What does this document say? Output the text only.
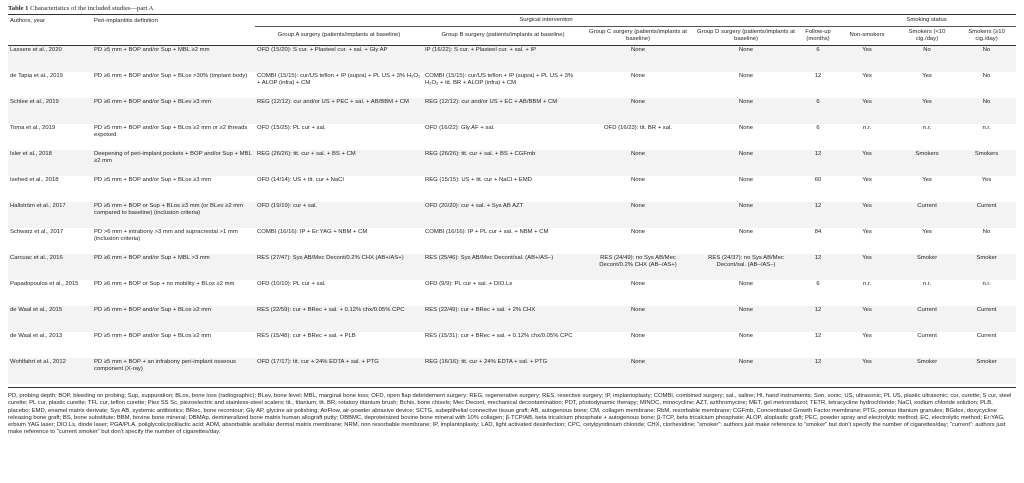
Table 1 Characteristics of the included studies—part A
Authors, year	Peri-implantitis definition	Surgical intervention					Smoking status		
		Group A surgery (patients/implants at baseline)	Group B surgery (patients/implants at baseline)	Group C surgery (patients/implants at baseline)	Group D surgery (patients/implants at baseline)	Follow-up (months)	Non-smokers	Smokers (<10 cig./day)	Smokers (≥10 cig./day)
Lassere et al., 2020	PD ≥5 mm + BOP and/or Sup + MBL ≥2 mm	OFD (15/20): S cur. + Plasteel cur. + sal. + Gly AP	IP (16/22): S cur. + Plasteel cur. + sal. + IP	None	None	6	Yes	No	No
de Tapia et al., 2019	PD ≥6 mm + BOP and/or Sup + BLos >30% (implant body)	COMBI (15/15): cur/US teflon + IP (supra) + PL US + 3% H₂O₂ + ALOP (infra) + CM	COMBI (15/15): cur/US teflon + IP (supra) + PL US + 3% H₂O₂ + tit. BR + ALOP (infra) + CM	None	None	12	Yes	Yes	No
Schlee et al., 2019	PD ≥6 mm + BOP and/or Sup + BLev ≥3 mm	REG (12/12): cur and/or US + PEC + sal. + AB/BBM + CM	REG (12/12): cur and/or US + EC + AB/BBM + CM	None	None	6	Yes	Yes	No
Toma et al., 2019	PD ≥5 mm + BOP and/or Sup + BLos ≥2 mm or ≥2 threads exposed	OFD (15/25): PL cur + sal.	OFD (16/22): Gly AF + sal.	OFD (16/23): tit. BR + sal.	None	6	n.r.	n.r.	n.r.
Isler et al., 2018	Deepening of peri-implant pockets + BOP and/or Sup + MBL ≥2 mm	REG (26/26): tit. cur + sal. + BS + CM	REG (26/26): tit. cur + sal. + BS + CGFmb	None	None	12	Yes	Smokers	Smokers
Isehed et al., 2018	PD ≥5 mm + BOP and/or Sup + BLos ≥3 mm	OFD (14/14): US + tit. cur + NaCl	REG (15/15): US + tit. cur + NaCl + EMD	None	None	60	Yes	Yes	Yes
Hallström et al., 2017	PD ≥5 mm + BOP or Sup + BLos ≥3 mm (or BLev ≥2 mm compared to baseline) (inclusion criteria)	OFD (19/19): cur + sal.	OFD (20/20): cur + sal. + Sys AB AZT	None	None	12	Yes	Current	Current
Schwarz et al., 2017	PD >6 mm + intrabony >3 mm and supracrestal >1 mm (inclusion criteria)	COMBI (16/16): IP + Er:YAG + NBM + CM	COMBI (16/16): IP + PL cur + sal. + NBM + CM	None	None	84	Yes	Yes	No
Carcuac et al., 2016	PD ≥6 mm + BOP and/or Sup + MBL >3 mm	RES (27/47): Sys AB/Mec Decont/0.2% CHX (AB+/AS+)	RES (25/46): Sys AB/Mec Decont/sal. (AB+/AS–)	RES (24/49): no Sys AB/Mec Decont/0.2% CHX (AB–/AS+)	RES (24/37): no Sys AB/Mec Decont/sal. (AB–/AS–)	12	Yes	Smoker	Smoker
Papadopoulos et al., 2015	PD ≥6 mm + BOP or Sup + no mobility + BLos ≥2 mm	OFD (10/10): PL cur + sal.	OFD (9/9): PL cur + sal. + DIO.Ls	None	None	6	n.r.	n.r.	n.r.
de Waal et al., 2015	PD ≥5 mm + BOP and/or Sup + BLos ≥2 mm	RES (22/59): cur + BRec + sal. + 0.12% chx/0.05% CPC	RES (22/49): cur + BRec + sal. + 2% CHX	None	None	12	Yes	Current	Current
de Waal et al., 2013	PD ≥5 mm + BOP and/or Sup + BLos ≥2 mm	RES (15/48): cur + BRec + sal. + PLB	RES (15/31): cur + BRec + sal. + 0.12% chx/0.05% CPC	None	None	12	Yes	Current	Current
Wohlfahrt et al., 2012	PD ≥5 mm + BOP + an infrabony peri-implant osseous component (X-ray)	OFD (17/17): tit. cur + 24% EDTA + sal. + PTG	REG (16/16): tit. cur + 24% EDTA + sal. + PTG	None	None	12	Yes	Smoker	Smoker
PD, probing depth; BOP, bleeding on probing; Sup, suppuration; BLos, bone loss (radiographic); BLev, bone level; MBL, marginal bone loss; OFD, open flap debridement surgery; REG, regenerative surgery; RES, resective surgery; IP, implantoplasty; COMBI, combined surgery; sal., saline; HI, hand instruments; Son, sonic; US, ultrasonic; PL US, plastic ultrasonic; cur, curette; S cur, steel curette; PL cur, plastic curette; TFL cur, teflon curette; Piez SS Sc, piezoelectric and stainless-steel scalers; tit., titanium; tit. BR, rotatory titanium brush; Bchis, bone chisels; Mec Decont, mechanical decontamination; PDT, photodynamic therapy; MINOC, minocycline; AZT, azithromycine; MET, gel metronidazol; TETR, tetracycline hydrochloride; NaCl, sodium chloride solution; PLB, placebo; EMD, enamel matrix derivate; Sys AB, systemic antibiotics; BRec, bone recontour; Gly AP, glycine air polishing; AirFlow, air-powder abrasive device; SCTG, subepithelial connective tissue graft; AB, autogenous bone; CM, collagen membrane; RbM, resorbable membrane; CGFmb, Concentrated Growth Factor membrane; PTG, porous titanium granules; BGdox, doxycycline releasing bone graft; BS, bone substitute; BBM, bovine bone mineral; DBMAp, demineralized bone matrix human allograft putty; DBBMC, deproteinized bovine bone mineral with 10% collagen; β-TCP/AB, beta tricalcium phosphate + autogenous bone; β-TCP, beta tricalcium phosphate; ALOP, aloplastic graft; PEC, powder spray and electrolytic method; EC, electrolytic method; Er:YAG, erbium YAG laser; DIO.Ls, diode laser; PGA/PLA, poliglycolic/polilactic acid; ADM, absorbable acellular dermal matrix membrane; NRM, non resorbable membrane; IP, implantoplasty; LAD, light activated desinfection; CPC, cetylpyridinium chloride; CHX, clorhexidine; “smoker”: authors just make reference to “smoker” but don’t specify the number of cigarettes/day; “current”: authors just make reference to “current smoker” but don’t specify the number of cigarettes/day.
